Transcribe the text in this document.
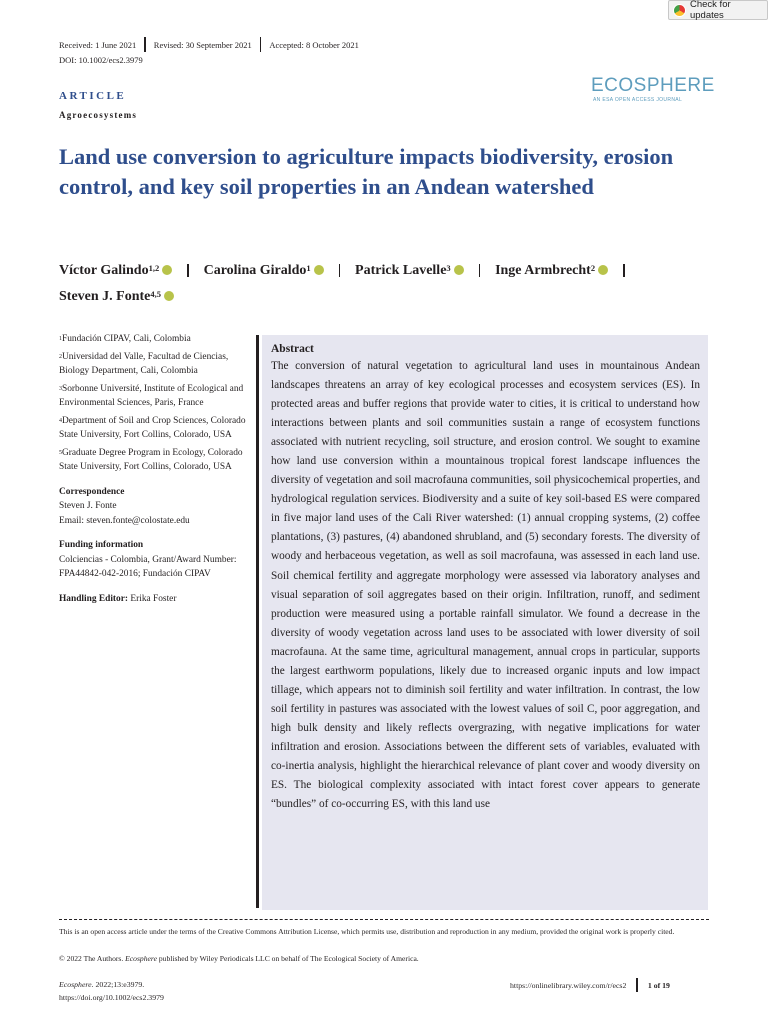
Check for updates
Received: 1 June 2021	Revised: 30 September 2021	Accepted: 8 October 2021
DOI: 10.1002/ecs2.3979
ECOSPHERE
AN ESA OPEN ACCESS JOURNAL
ARTICLE
Agroecosystems
Land use conversion to agriculture impacts biodiversity, erosion control, and key soil properties in an Andean watershed
Víctor Galindo$^{1,2}$	Carolina Giraldo$^1$	Patrick Lavelle$^3$	Inge Armbrecht$^2$
Steven J. Fonte$^{4,5}$
$^1$Fundación CIPAV, Cali, Colombia
$^2$Universidad del Valle, Facultad de Ciencias, Biology Department, Cali, Colombia
$^3$Sorbonne Université, Institute of Ecological and Environmental Sciences, Paris, France
$^4$Department of Soil and Crop Sciences, Colorado State University, Fort Collins, Colorado, USA
$^5$Graduate Degree Program in Ecology, Colorado State University, Fort Collins, Colorado, USA
Correspondence
Steven J. Fonte
Email: steven.fonte@colostate.edu
Funding information
Colciencias - Colombia, Grant/Award Number: FPA44842-042-2016; Fundación CIPAV
Handling Editor: Erika Foster
Abstract

The conversion of natural vegetation to agricultural land uses in mountainous Andean landscapes threatens an array of key ecological processes and ecosystem services (ES). In protected areas and buffer regions that provide water to cities, it is critical to understand how interactions between plants and soil communities sustain a range of ecosystem functions associated with nutrient recycling, soil structure, and erosion control. We sought to examine how land use conversion within a mountainous tropical forest landscape influences the diversity of vegetation and soil macrofauna communities, soil physicochemical properties, and hydrological regulation services. Biodiversity and a suite of key soil-based ES were compared in five major land uses of the Cali River watershed: (1) annual cropping systems, (2) coffee plantations, (3) pastures, (4) abandoned shrubland, and (5) secondary forests. The diversity of woody and herbaceous vegetation, as well as soil macrofauna, was assessed in each land use. Soil chemical fertility and aggregate morphology were assessed via laboratory analyses and visual separation of soil aggregates based on their origin. Infiltration, runoff, and sediment production were measured using a portable rainfall simulator. We found a decrease in the diversity of woody vegetation across land uses to be associated with lower diversity of soil macrofauna. At the same time, agricultural management, annual crops in particular, supports the largest earthworm populations, likely due to increased organic inputs and low impact tillage, which appears not to diminish soil fertility and water infiltration. In contrast, the low soil fertility in pastures was associated with the lowest values of soil C, poor aggregation, and high bulk density and likely reflects overgrazing, with negative implications for water infiltration and erosion. Associations between the different sets of variables, evaluated with co-inertia analysis, highlight the hierarchical relevance of plant cover and woody diversity on ES. The biological complexity associated with intact forest cover appears to generate “bundles” of co-occurring ES, with this land use

This is an open access article under the terms of the Creative Commons Attribution License, which permits use, distribution and reproduction in any medium, provided the original work is properly cited.
© 2022 The Authors. Ecosphere published by Wiley Periodicals LLC on behalf of The Ecological Society of America.
Ecosphere. 2022;13:e3979.
https://doi.org/10.1002/ecs2.3979
https://onlinelibrary.wiley.com/r/ecs2	1 of 19
